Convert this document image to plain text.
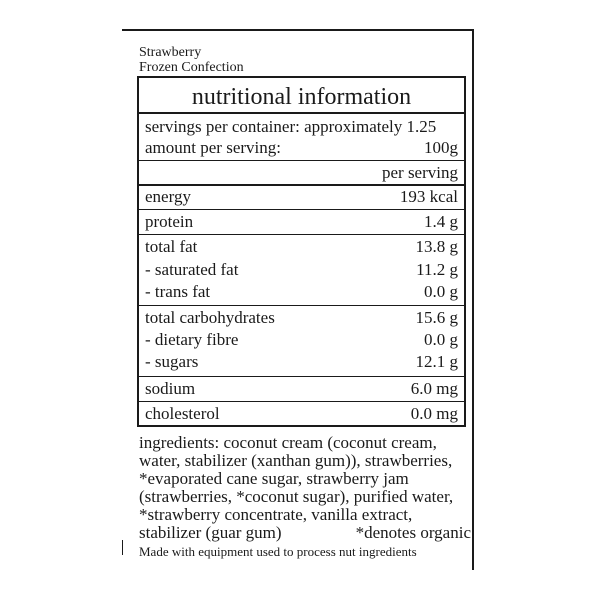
Strawberry
Frozen Confection
nutritional information
servings per container: approximately 1.25
amount per serving:	100g
per serving
energy	193 kcal
protein	1.4 g
total fat	13.8 g
- saturated fat	11.2 g
- trans fat	0.0 g
total carbohydrates	15.6 g
- dietary fibre	0.0 g
- sugars	12.1 g
sodium	6.0 mg
cholesterol	0.0 mg
ingredients: coconut cream (coconut cream,
water, stabilizer (xanthan gum)), strawberries,
*evaporated cane sugar, strawberry jam
(strawberries, *coconut sugar), purified water,
*strawberry concentrate, vanilla extract,
stabilizer (guar gum)	*denotes organic
Made with equipment used to process nut ingredients
